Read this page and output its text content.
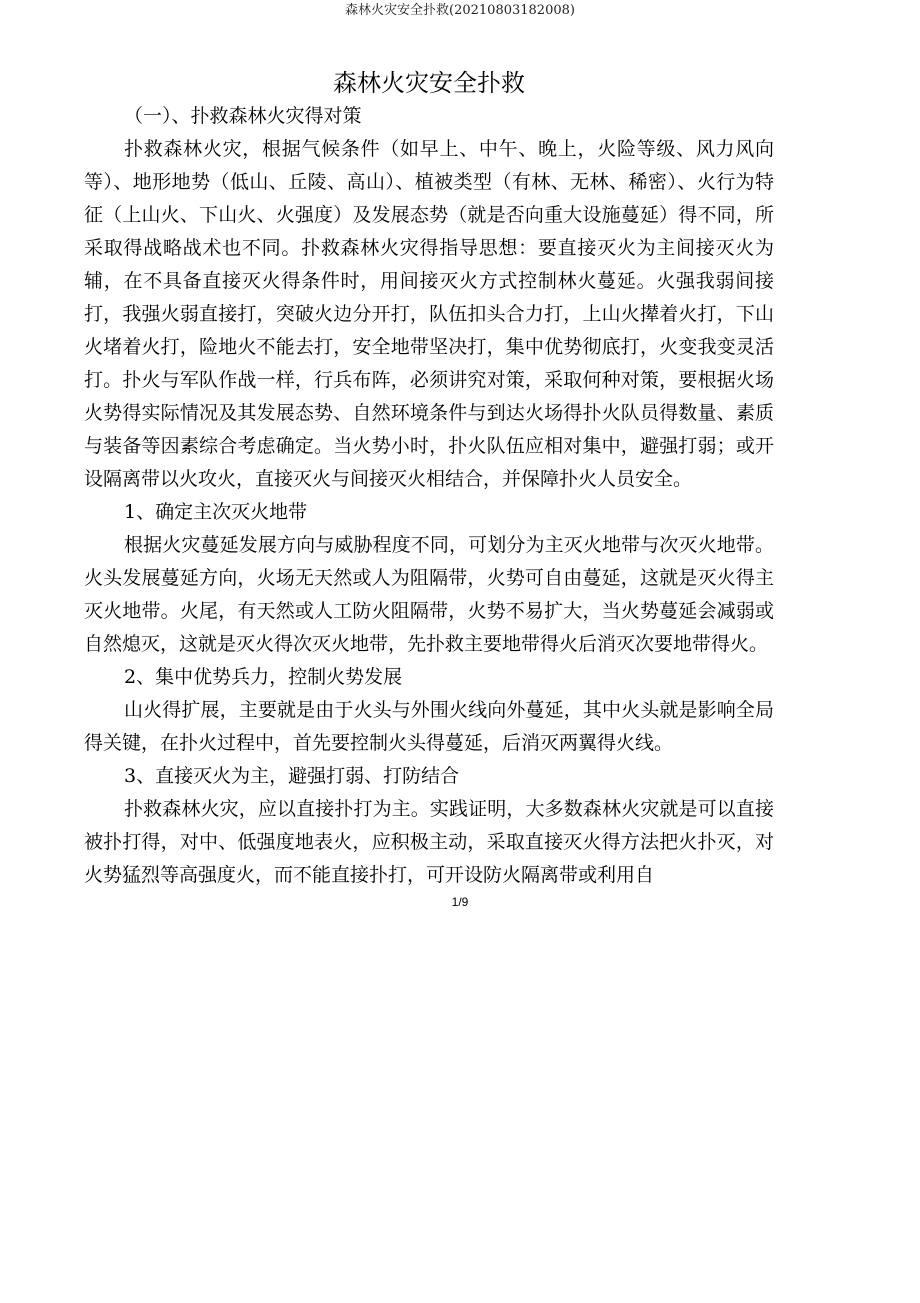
森林火灾安全扑救(20210803182008)
森林火灾安全扑救

（一）、扑救森林火灾得对策

扑救森林火灾，根据气候条件（如早上、中午、晚上，火险等级、风力风向等）、地形地势（低山、丘陵、高山）、植被类型（有林、无林、稀密）、火行为特征（上山火、下山火、火强度）及发展态势（就是否向重大设施蔓延）得不同，所采取得战略战术也不同。扑救森林火灾得指导思想：要直接灭火为主间接灭火为辅，在不具备直接灭火得条件时，用间接灭火方式控制林火蔓延。火强我弱间接打，我强火弱直接打，突破火边分开打，队伍扣头合力打，上山火撵着火打，下山火堵着火打，险地火不能去打，安全地带坚决打，集中优势彻底打，火变我变灵活打。扑火与军队作战一样，行兵布阵，必须讲究对策，采取何种对策，要根据火场火势得实际情况及其发展态势、自然环境条件与到达火场得扑火队员得数量、素质与装备等因素综合考虑确定。当火势小时，扑火队伍应相对集中，避强打弱；或开设隔离带以火攻火，直接灭火与间接灭火相结合，并保障扑火人员安全。

1、确定主次灭火地带

根据火灾蔓延发展方向与威胁程度不同，可划分为主灭火地带与次灭火地带。火头发展蔓延方向，火场无天然或人为阻隔带，火势可自由蔓延，这就是灭火得主灭火地带。火尾，有天然或人工防火阻隔带，火势不易扩大，当火势蔓延会减弱或自然熄灭，这就是灭火得次灭火地带，先扑救主要地带得火后消灭次要地带得火。

2、集中优势兵力，控制火势发展

山火得扩展，主要就是由于火头与外围火线向外蔓延，其中火头就是影响全局得关键，在扑火过程中，首先要控制火头得蔓延，后消灭两翼得火线。

3、直接灭火为主，避强打弱、打防结合

扑救森林火灾，应以直接扑打为主。实践证明，大多数森林火灾就是可以直接被扑打得，对中、低强度地表火，应积极主动，采取直接灭火得方法把火扑灭，对火势猛烈等高强度火，而不能直接扑打，可开设防火隔离带或利用自

1/9
